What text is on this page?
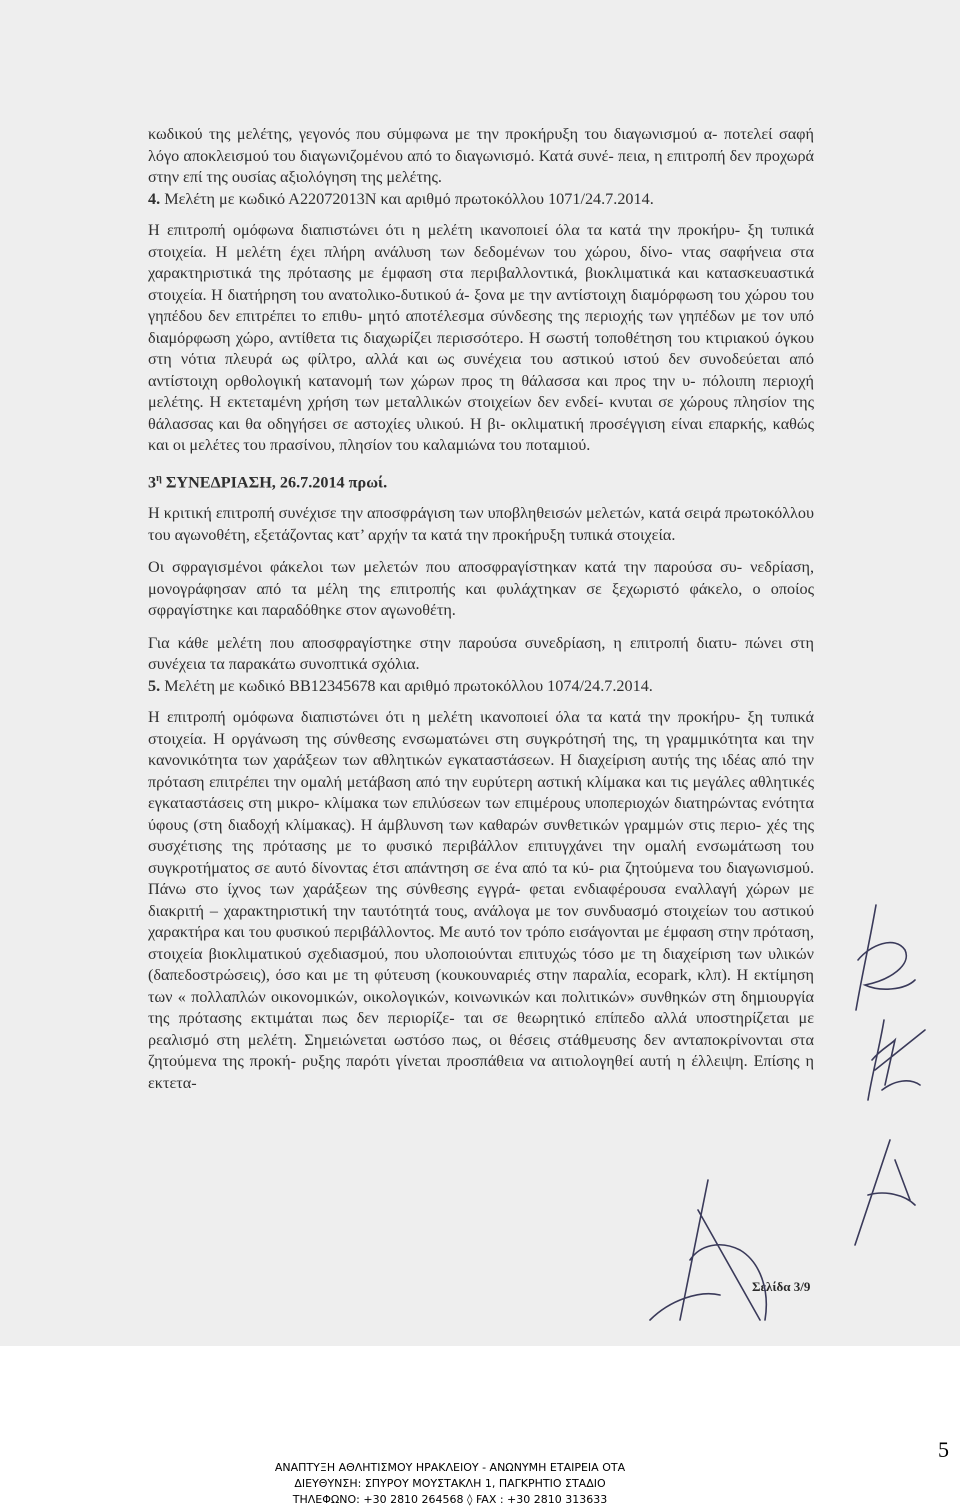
κωδικού της μελέτης, γεγονός που σύμφωνα με την προκήρυξη του διαγωνισμού α- ποτελεί σαφή λόγο αποκλεισμού του διαγωνιζομένου από το διαγωνισμό. Κατά συνέ- πεια, η επιτροπή δεν προχωρά στην επί της ουσίας αξιολόγηση της μελέτης.

4. Μελέτη με κωδικό Α22072013Ν και αριθμό πρωτοκόλλου 1071/24.7.2014.

Η επιτροπή ομόφωνα διαπιστώνει ότι η μελέτη ικανοποιεί όλα τα κατά την προκήρυ- ξη τυπικά στοιχεία. Η μελέτη έχει πλήρη ανάλυση των δεδομένων του χώρου, δίνο- ντας σαφήνεια στα χαρακτηριστικά της πρότασης με έμφαση στα περιβαλλοντικά, βιοκλιματικά και κατασκευαστικά στοιχεία. Η διατήρηση του ανατολικο-δυτικού ά- ξονα με την αντίστοιχη διαμόρφωση του χώρου του γηπέδου δεν επιτρέπει το επιθυ- μητό αποτέλεσμα σύνδεσης της περιοχής των γηπέδων με τον υπό διαμόρφωση χώρο, αντίθετα τις διαχωρίζει περισσότερο. Η σωστή τοποθέτηση του κτιριακού όγκου στη νότια πλευρά ως φίλτρο, αλλά και ως συνέχεια του αστικού ιστού δεν συνοδεύεται από αντίστοιχη ορθολογική κατανομή των χώρων προς τη θάλασσα και προς την υ- πόλοιπη περιοχή μελέτης. Η εκτεταμένη χρήση των μεταλλικών στοιχείων δεν ενδεί- κνυται σε χώρους πλησίον της θάλασσας και θα οδηγήσει σε αστοχίες υλικού. Η βι- οκλιματική προσέγγιση είναι επαρκής, καθώς και οι μελέτες του πρασίνου, πλησίον του καλαμιώνα του ποταμιού.

$3^\eta$ ΣΥΝΕΔΡΙΑΣΗ, 26.7.2014 πρωί.

Η κριτική επιτροπή συνέχισε την αποσφράγιση των υποβληθεισών μελετών, κατά σειρά πρωτοκόλλου του αγωνοθέτη, εξετάζοντας κατ’ αρχήν τα κατά την προκήρυξη τυπικά στοιχεία.

Οι σφραγισμένοι φάκελοι των μελετών που αποσφραγίστηκαν κατά την παρούσα συ- νεδρίαση, μονογράφησαν από τα μέλη της επιτροπής και φυλάχτηκαν σε ξεχωριστό φάκελο, ο οποίος σφραγίστηκε και παραδόθηκε στον αγωνοθέτη.

Για κάθε μελέτη που αποσφραγίστηκε στην παρούσα συνεδρίαση, η επιτροπή διατυ- πώνει στη συνέχεια τα παρακάτω συνοπτικά σχόλια.

5. Μελέτη με κωδικό ΒΒ12345678 και αριθμό πρωτοκόλλου 1074/24.7.2014.

Η επιτροπή ομόφωνα διαπιστώνει ότι η μελέτη ικανοποιεί όλα τα κατά την προκήρυ- ξη τυπικά στοιχεία. Η οργάνωση της σύνθεσης ενσωματώνει στη συγκρότησή της, τη γραμμικότητα και την κανονικότητα των χαράξεων των αθλητικών εγκαταστάσεων. Η διαχείριση αυτής της ιδέας από την πρόταση επιτρέπει την ομαλή μετάβαση από την ευρύτερη αστική κλίμακα και τις μεγάλες αθλητικές εγκαταστάσεις στη μικρο- κλίμακα των επιλύσεων των επιμέρους υποπεριοχών διατηρώντας ενότητα ύφους (στη διαδοχή κλίμακας). Η άμβλυνση των καθαρών συνθετικών γραμμών στις περιο- χές της συσχέτισης της πρότασης με το φυσικό περιβάλλον επιτυγχάνει την ομαλή ενσωμάτωση του συγκροτήματος σε αυτό δίνοντας έτσι απάντηση σε ένα από τα κύ- ρια ζητούμενα του διαγωνισμού. Πάνω στο ίχνος των χαράξεων της σύνθεσης εγγρά- φεται ενδιαφέρουσα εναλλαγή χώρων με διακριτή – χαρακτηριστική την ταυτότητά τους, ανάλογα με τον συνδυασμό στοιχείων του αστικού χαρακτήρα και του φυσικού περιβάλλοντος. Με αυτό τον τρόπο εισάγονται με έμφαση στην πρόταση, στοιχεία βιοκλιματικού σχεδιασμού, που υλοποιούνται επιτυχώς τόσο με τη διαχείριση των υλικών (δαπεδοστρώσεις), όσο και με τη φύτευση (κουκουναριές στην παραλία, ecopark, κλπ). Η εκτίμηση των « πολλαπλών οικονομικών, οικολογικών, κοινωνικών και πολιτικών» συνθηκών στη δημιουργία της πρότασης εκτιμάται πως δεν περιορίζε- ται σε θεωρητικό επίπεδο αλλά υποστηρίζεται με ρεαλισμό στη μελέτη. Σημειώνεται ωστόσο πως, οι θέσεις στάθμευσης δεν ανταποκρίνονται στα ζητούμενα της προκή- ρυξης παρότι γίνεται προσπάθεια να αιτιολογηθεί αυτή η έλλειψη. Επίσης η εκτετα-

Σελίδα 3/9
5
ΑΝΑΠΤΥΞΗ ΑΘΛΗΤΙΣΜΟΥ ΗΡΑΚΛΕΙΟΥ - ΑΝΩΝΥΜΗ ΕΤΑΙΡΕΙΑ ΟΤΑ
ΔΙΕΥΘΥΝΣΗ: ΣΠΥΡΟΥ ΜΟΥΣΤΑΚΛΗ 1, ΠΑΓΚΡΗΤΙΟ ΣΤΑΔΙΟ
ΤΗΛΕΦΩΝΟ: +30 2810 264568 ◊ FAX : +30 2810 313633
